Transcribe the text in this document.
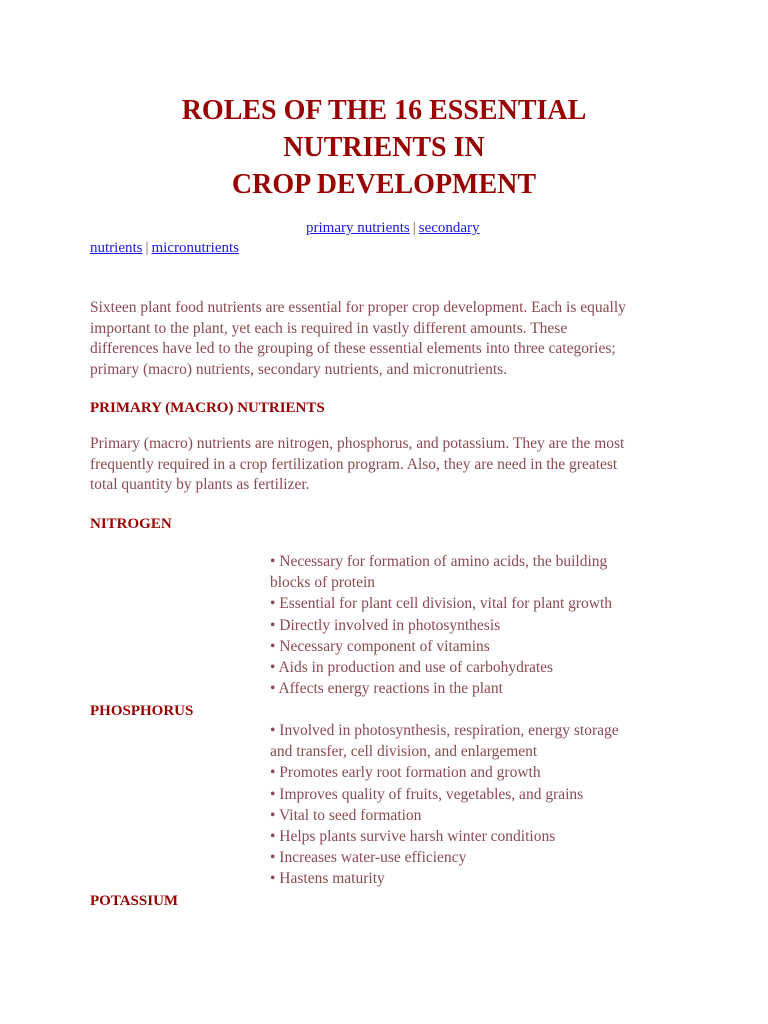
ROLES OF THE 16 ESSENTIAL
NUTRIENTS IN
CROP DEVELOPMENT
primary nutrients | secondary
nutrients | micronutrients
Sixteen plant food nutrients are essential for proper crop development. Each is equally
important to the plant, yet each is required in vastly different amounts. These
differences have led to the grouping of these essential elements into three categories;
primary (macro) nutrients, secondary nutrients, and micronutrients.
PRIMARY (MACRO) NUTRIENTS
Primary (macro) nutrients are nitrogen, phosphorus, and potassium. They are the most
frequently required in a crop fertilization program. Also, they are need in the greatest
total quantity by plants as fertilizer.
NITROGEN
• Necessary for formation of amino acids, the building
blocks of protein
• Essential for plant cell division, vital for plant growth
• Directly involved in photosynthesis
• Necessary component of vitamins
• Aids in production and use of carbohydrates
• Affects energy reactions in the plant
PHOSPHORUS
• Involved in photosynthesis, respiration, energy storage
and transfer, cell division, and enlargement
• Promotes early root formation and growth
• Improves quality of fruits, vegetables, and grains
• Vital to seed formation
• Helps plants survive harsh winter conditions
• Increases water-use efficiency
• Hastens maturity
POTASSIUM
